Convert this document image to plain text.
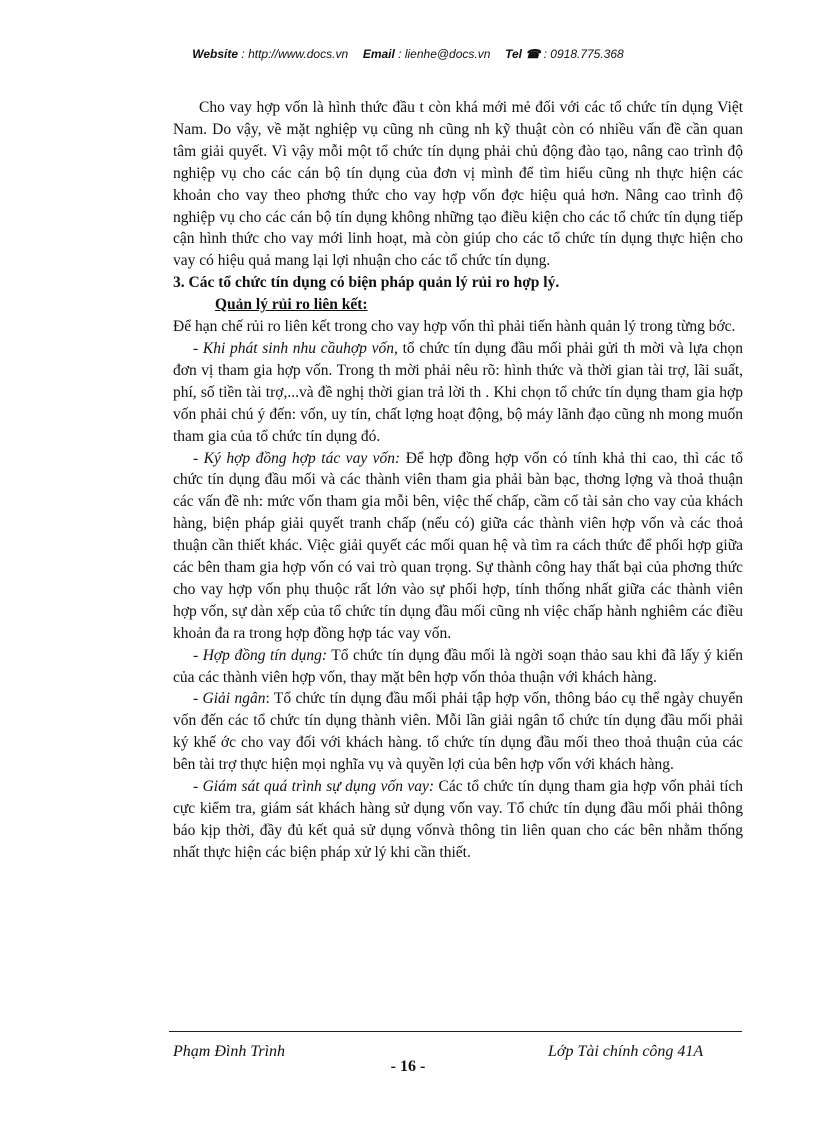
Website : http://www.docs.vn Email : lienhe@docs.vn Tel ☎ : 0918.775.368

Cho vay hợp vốn là hình thức đầu t còn khá mới mẻ đối với các tổ chức tín dụng Việt Nam. Do vậy, về mặt nghiệp vụ cũng nh cũng nh kỹ thuật còn có nhiều vấn đề cần quan tâm giải quyết. Vì vậy mỗi một tổ chức tín dụng phải chủ động đào tạo, nâng cao trình độ nghiệp vụ cho các cán bộ tín dụng của đơn vị mình để tìm hiểu cũng nh thực hiện các khoản cho vay theo phơng thức cho vay hợp vốn đợc hiệu quả hơn. Nâng cao trình độ nghiệp vụ cho các cán bộ tín dụng không những tạo điều kiện cho các tổ chức tín dụng tiếp cận hình thức cho vay mới linh hoạt, mà còn giúp cho các tổ chức tín dụng thực hiện cho vay có hiệu quả mang lại lợi nhuận cho các tổ chức tín dụng.

3. Các tổ chức tín dụng có biện pháp quản lý rủi ro hợp lý.

Quản lý rủi ro liên kết:

Để hạn chế rủi ro liên kết trong cho vay hợp vốn thì phải tiến hành quản lý trong từng bớc.

- Khi phát sinh nhu cầuhợp vốn, tổ chức tín dụng đầu mối phải gửi th mời và lựa chọn đơn vị tham gia hợp vốn. Trong th mời phải nêu rõ: hình thức và thời gian tài trợ, lãi suất, phí, số tiền tài trợ,...và đề nghị thời gian trả lời th . Khi chọn tổ chức tín dụng tham gia hợp vốn phải chú ý đến: vốn, uy tín, chất lợng hoạt động, bộ máy lãnh đạo cũng nh mong muốn tham gia của tổ chức tín dụng đó.

- Ký hợp đồng hợp tác vay vốn: Để hợp đồng hợp vốn có tính khả thi cao, thì các tổ chức tín dụng đầu mối và các thành viên tham gia phải bàn bạc, thơng lợng và thoả thuận các vấn đề nh: mức vốn tham gia mỗi bên, việc thế chấp, cầm cố tài sản cho vay của khách hàng, biện pháp giải quyết tranh chấp (nếu có) giữa các thành viên hợp vốn và các thoả thuận cần thiết khác. Việc giải quyết các mối quan hệ và tìm ra cách thức để phối hợp giữa các bên tham gia hợp vốn có vai trò quan trọng. Sự thành công hay thất bại của phơng thức cho vay hợp vốn phụ thuộc rất lớn vào sự phối hợp, tính thống nhất giữa các thành viên hợp vốn, sự dàn xếp của tổ chức tín dụng đầu mối cũng nh việc chấp hành nghiêm các điều khoản đa ra trong hợp đồng hợp tác vay vốn.

- Hợp đồng tín dụng: Tổ chức tín dụng đầu mối là ngời soạn thảo sau khi đã lấy ý kiến của các thành viên hợp vốn, thay mặt bên hợp vốn thỏa thuận với khách hàng.

- Giải ngân: Tổ chức tín dụng đầu mối phải tập hợp vốn, thông báo cụ thể ngày chuyển vốn đến các tổ chức tín dụng thành viên. Mỗi lần giải ngân tổ chức tín dụng đầu mối phải ký khế ớc cho vay đối với khách hàng. tổ chức tín dụng đầu mối theo thoả thuận của các bên tài trợ thực hiện mọi nghĩa vụ và quyền lợi của bên hợp vốn với khách hàng.

- Giám sát quá trình sự dụng vốn vay: Các tổ chức tín dụng tham gia hợp vốn phải tích cực kiểm tra, giám sát khách hàng sử dụng vốn vay. Tổ chức tín dụng đầu mối phải thông báo kịp thời, đầy đủ kết quả sử dụng vốnvà thông tin liên quan cho các bên nhằm thống nhất thực hiện các biện pháp xử lý khi cần thiết.

Phạm Đình Trình	Lớp Tài chính công 41A
- 16 -
